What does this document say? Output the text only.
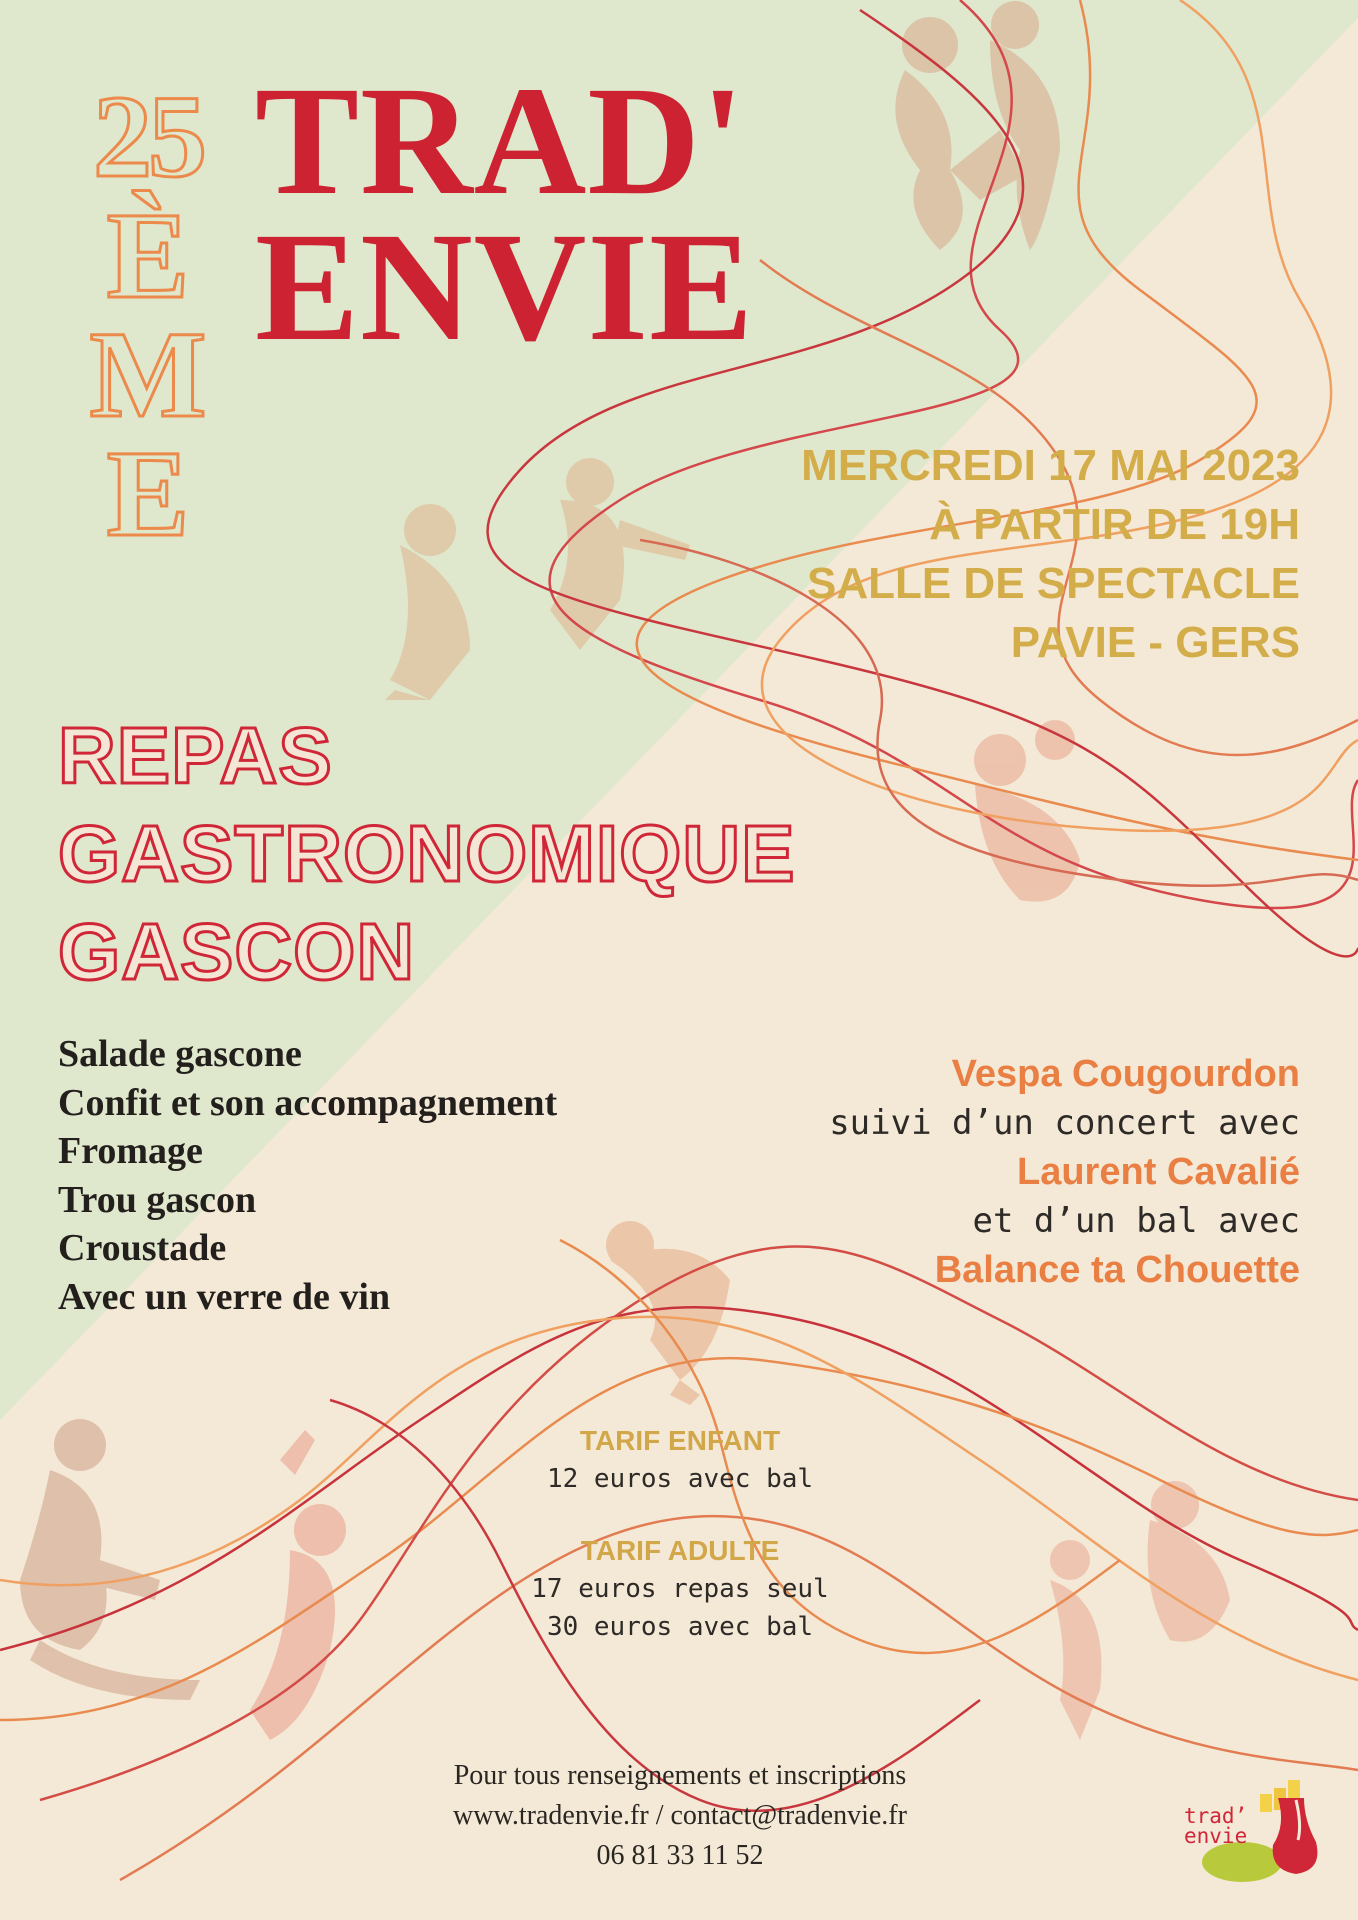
25
È
M
E
TRAD'
ENVIE
MERCREDI 17 MAI 2023
À PARTIR DE 19H
SALLE DE SPECTACLE
PAVIE - GERS
REPAS
GASTRONOMIQUE
GASCON
Salade gascone
Confit et son accompagnement
Fromage
Trou gascon
Croustade
Avec un verre de vin
Vespa Cougourdon
suivi d’un concert avec
Laurent Cavalié
et d’un bal avec
Balance ta Chouette
TARIF ENFANT
12 euros avec bal
TARIF ADULTE
17 euros repas seul
30 euros avec bal
Pour tous renseignements et inscriptions
www.tradenvie.fr / contact@tradenvie.fr
06 81 33 11 52
trad’
envie
